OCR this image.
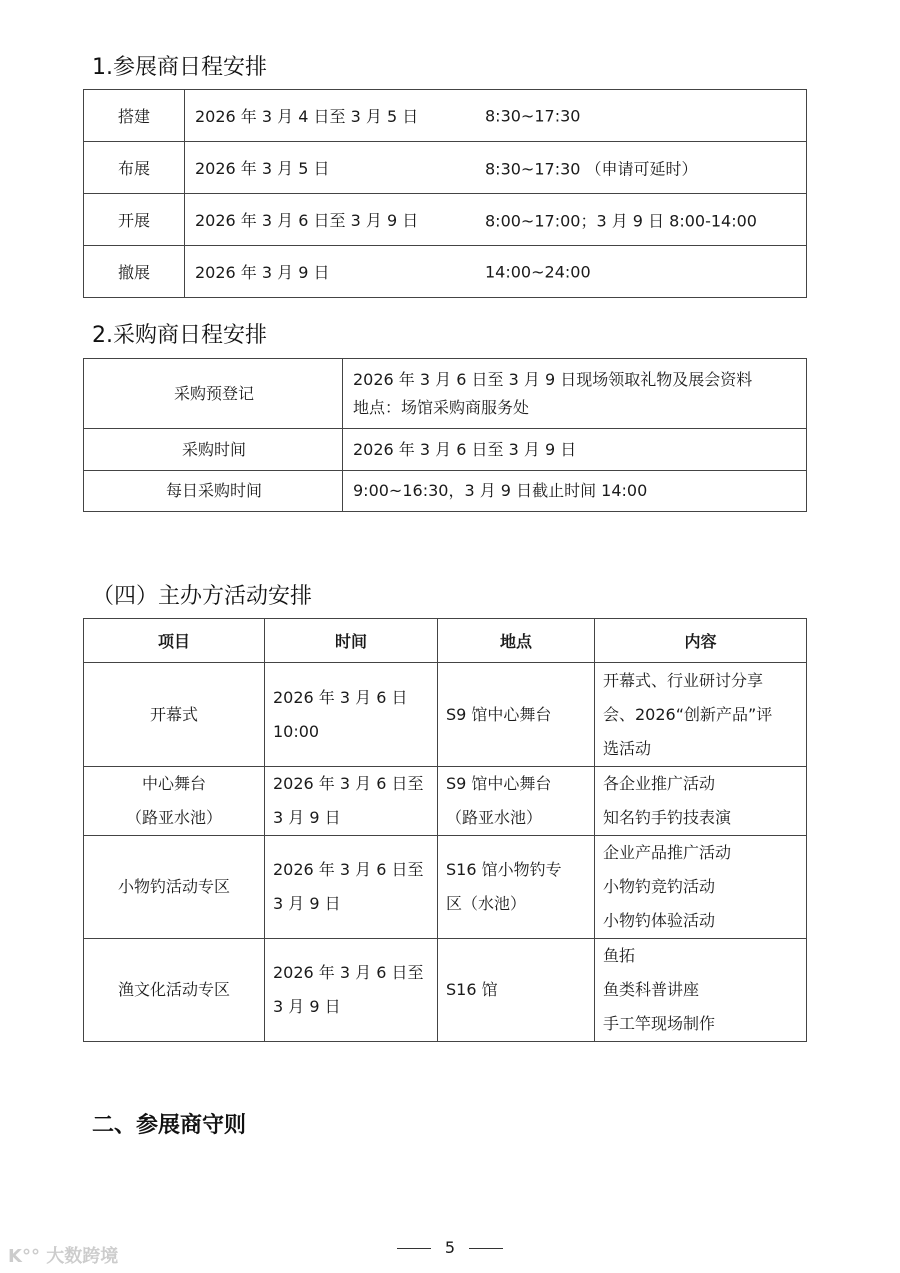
1.参展商日程安排
搭建	2026 年 3 月 4 日至 3 月 5 日 8:30~17:30

布展	2026 年 3 月 5 日 8:30~17:30 （申请可延时）

开展	2026 年 3 月 6 日至 3 月 9 日 8:00~17:00；3 月 9 日 8:00-14:00

撤展	2026 年 3 月 9 日 14:00~24:00
2.采购商日程安排
采购预登记	2026 年 3 月 6 日至 3 月 9 日现场领取礼物及展会资料
地点：场馆采购商服务处

采购时间	2026 年 3 月 6 日至 3 月 9 日

每日采购时间	9:00~16:30，3 月 9 日截止时间 14:00
（四）主办方活动安排
项目	时间	地点	内容

开幕式	2026 年 3 月 6 日
10:00	S9 馆中心舞台	开幕式、行业研讨分享
会、2026“创新产品”评
选活动

中心舞台
（路亚水池）	2026 年 3 月 6 日至
3 月 9 日	S9 馆中心舞台
（路亚水池）	各企业推广活动
知名钓手钓技表演

小物钓活动专区	2026 年 3 月 6 日至
3 月 9 日	S16 馆小物钓专
区（水池）	企业产品推广活动
小物钓竞钓活动
小物钓体验活动

渔文化活动专区	2026 年 3 月 6 日至
3 月 9 日	S16 馆	鱼拓
鱼类科普讲座
手工竿现场制作
二、参展商守则
5
K°° 大数跨境
